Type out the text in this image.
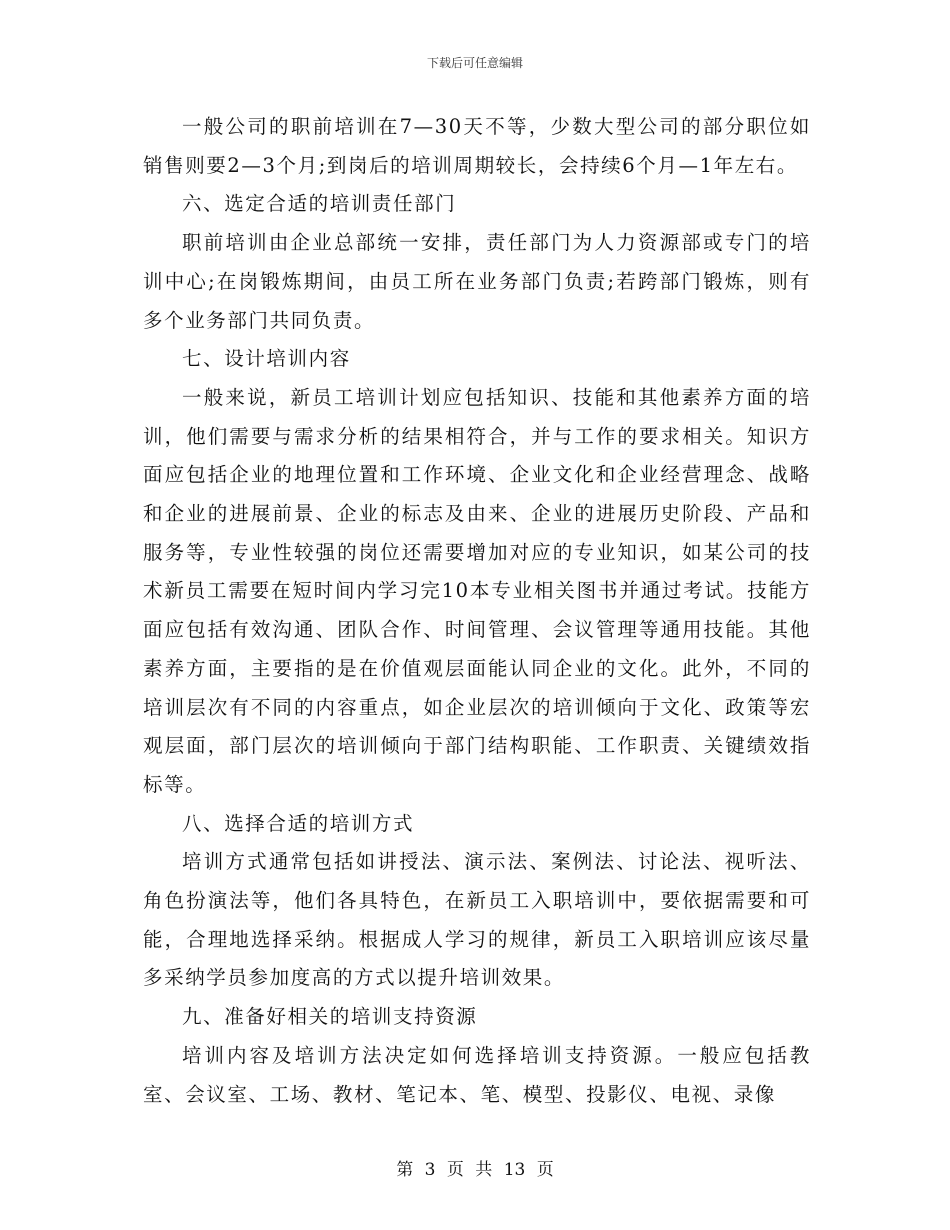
下载后可任意编辑

一般公司的职前培训在7—30天不等，少数大型公司的部分职位如销售则要2—3个月;到岗后的培训周期较长，会持续6个月—1年左右。

六、选定合适的培训责任部门

职前培训由企业总部统一安排，责任部门为人力资源部或专门的培训中心;在岗锻炼期间，由员工所在业务部门负责;若跨部门锻炼，则有多个业务部门共同负责。

七、设计培训内容

一般来说，新员工培训计划应包括知识、技能和其他素养方面的培训，他们需要与需求分析的结果相符合，并与工作的要求相关。知识方面应包括企业的地理位置和工作环境、企业文化和企业经营理念、战略和企业的进展前景、企业的标志及由来、企业的进展历史阶段、产品和服务等，专业性较强的岗位还需要增加对应的专业知识，如某公司的技术新员工需要在短时间内学习完10本专业相关图书并通过考试。技能方面应包括有效沟通、团队合作、时间管理、会议管理等通用技能。其他素养方面，主要指的是在价值观层面能认同企业的文化。此外，不同的培训层次有不同的内容重点，如企业层次的培训倾向于文化、政策等宏观层面，部门层次的培训倾向于部门结构职能、工作职责、关键绩效指标等。

八、选择合适的培训方式

培训方式通常包括如讲授法、演示法、案例法、讨论法、视听法、角色扮演法等，他们各具特色，在新员工入职培训中，要依据需要和可能，合理地选择采纳。根据成人学习的规律，新员工入职培训应该尽量多采纳学员参加度高的方式以提升培训效果。

九、准备好相关的培训支持资源

培训内容及培训方法决定如何选择培训支持资源。一般应包括教室、会议室、工场、教材、笔记本、笔、模型、投影仪、电视、录像

第 3 页 共 13 页
